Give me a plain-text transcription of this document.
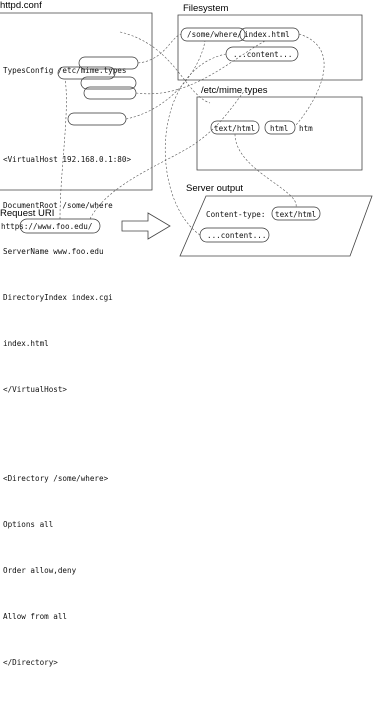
httpd.conf	Filesystem
/etc/mime types
Server output
Request URI

TypesConfig /etc/mime.types

<VirtualHost 192.168.0.1:80>

DocumentRoot /some/where

ServerName www.foo.edu

DirectoryIndex index.cgi

index.html

</VirtualHost>

<Directory /some/where>

Options all

Order allow,deny

Allow from all

</Directory>

/some/where/ index.html
...content...
text/html html htm
Content-type: text/html
...content...
https://www.foo.edu/
